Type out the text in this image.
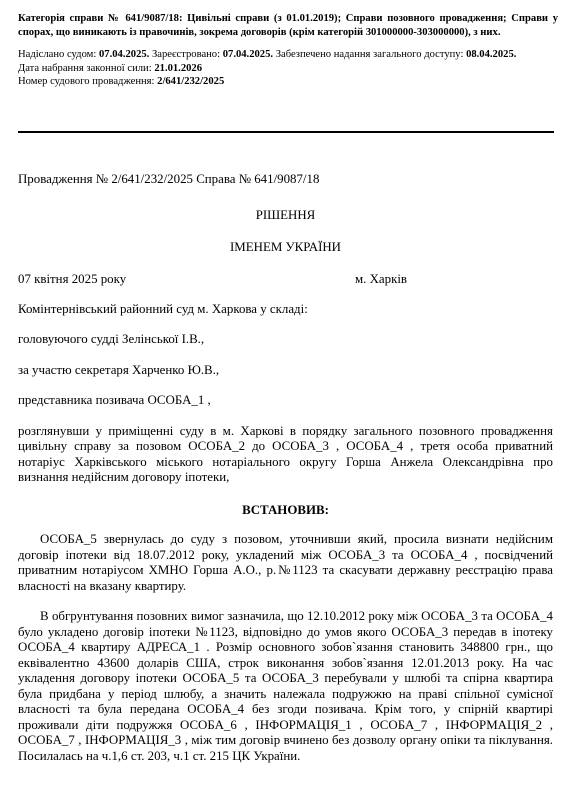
Категорія справи № 641/9087/18: Цивільні справи (з 01.01.2019); Справи позовного провадження; Справи у спорах, що виникають із правочинів, зокрема договорів (крім категорій 301000000-303000000), з них.

Надіслано судом: 07.04.2025. Зареєстровано: 07.04.2025. Забезпечено надання загального доступу: 08.04.2025.

Дата набрання законної сили: 21.01.2026

Номер судового провадження: 2/641/232/2025

Провадження № 2/641/232/2025 Справа № 641/9087/18

РІШЕННЯ

ІМЕНЕМ УКРАЇНИ

07 квітня 2025 року	м. Харків

Комінтернівський районний суд м. Харкова у складі:

головуючого судді Зелінської І.В.,

за участю секретаря Харченко Ю.В.,

представника позивача ОСОБА_1 ,

розглянувши у приміщенні суду в м. Харкові в порядку загального позовного провадження цивільну справу за позовом ОСОБА_2 до ОСОБА_3 , ОСОБА_4 , третя особа приватний нотаріус Харківського міського нотаріального округу Горша Анжела Олександрівна про визнання недійсним договору іпотеки,

ВСТАНОВИВ:

ОСОБА_5 звернулась до суду з позовом, уточнивши який, просила визнати недійсним договір іпотеки від 18.07.2012 року, укладений між ОСОБА_3 та ОСОБА_4 , посвідчений приватним нотаріусом ХМНО Горша А.О., р.№1123 та скасувати державну реєстрацію права власності на вказану квартиру.

В обгрунтування позовних вимог зазначила, що 12.10.2012 року між ОСОБА_3 та ОСОБА_4 було укладено договір іпотеки №1123, відповідно до умов якого ОСОБА_3 передав в іпотеку ОСОБА_4 квартиру АДРЕСА_1 . Розмір основного зобов`язання становить 348800 грн., що еквівалентно 43600 доларів США, строк виконання зобов`язання 12.01.2013 року. На час укладення договору іпотеки ОСОБА_5 та ОСОБА_3 перебували у шлюбі та спірна квартира була придбана у період шлюбу, а значить належала подружжю на праві спільної сумісної власності та була передана ОСОБА_4 без згоди позивача. Крім того, у спірній квартирі проживали діти подружжя ОСОБА_6 , ІНФОРМАЦІЯ_1 , ОСОБА_7 , ІНФОРМАЦІЯ_2 , ОСОБА_7 , ІНФОРМАЦІЯ_3 , між тим договір вчинено без дозволу органу опіки та піклування. Посилалась на ч.1,6 ст. 203, ч.1 ст. 215 ЦК України.
